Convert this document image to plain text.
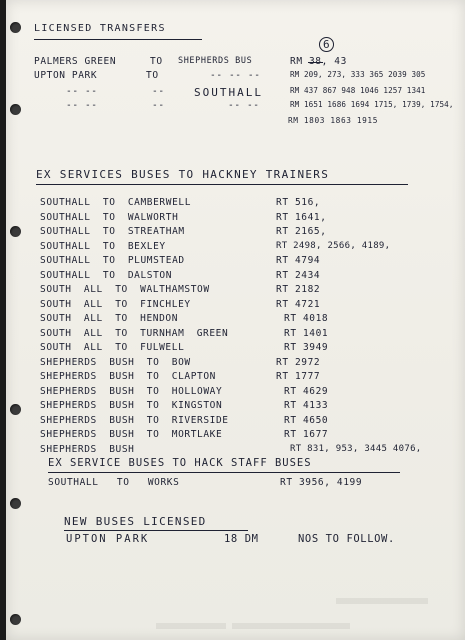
LICENSED TRANSFERS
PALMERS GREEN	TO SHEPHERDS BUS	RM 38, 43
6
UPTON PARK	TO	-- -- --	RM 209, 273, 333 365 2039 305
-- --	--	SOUTHALL	RM 437 867 948 1046 1257 1341
-- --	--	-- --	RM 1651 1686 1694 1715, 1739, 1754,
RM 1803 1863 1915
EX SERVICES BUSES TO HACKNEY TRAINERS
SOUTHALL TO CAMBERWELL	RT 516,
SOUTHALL TO WALWORTH	RT 1641,
SOUTHALL TO STREATHAM	RT 2165,
SOUTHALL TO BEXLEY	RT 2498, 2566, 4189,
SOUTHALL TO PLUMSTEAD	RT 4794
SOUTHALL TO DALSTON	RT 2434
SOUTH ALL TO WALTHAMSTOW	RT 2182
SOUTH ALL TO FINCHLEY	RT 4721
SOUTH ALL TO HENDON	RT 4018
SOUTH ALL TO TURNHAM GREEN	RT 1401
SOUTH ALL TO FULWELL	RT 3949
SHEPHERDS BUSH TO BOW	RT 2972
SHEPHERDS BUSH TO CLAPTON	RT 1777
SHEPHERDS BUSH TO HOLLOWAY	RT 4629
SHEPHERDS BUSH TO KINGSTON	RT 4133
SHEPHERDS BUSH TO RIVERSIDE	RT 4650
SHEPHERDS BUSH TO MORTLAKE	RT 1677
SHEPHERDS BUSH	RT 831, 953, 3445 4076,
EX SERVICE BUSES TO HACK STAFF BUSES
SOUTHALL TO WORKS	RT 3956, 4199
NEW BUSES LICENSED
UPTON PARK	18 DM	NOS TO FOLLOW.
